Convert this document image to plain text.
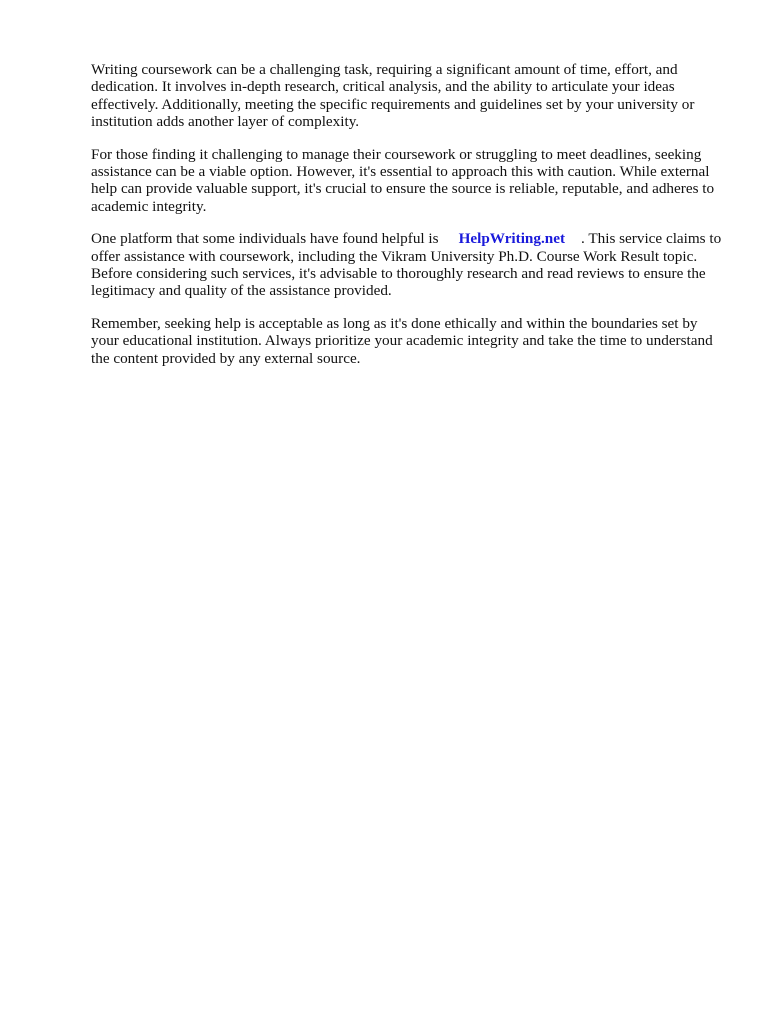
Writing coursework can be a challenging task, requiring a significant amount of time, effort, and dedication. It involves in-depth research, critical analysis, and the ability to articulate your ideas effectively. Additionally, meeting the specific requirements and guidelines set by your university or institution adds another layer of complexity.

For those finding it challenging to manage their coursework or struggling to meet deadlines, seeking assistance can be a viable option. However, it's essential to approach this with caution. While external help can provide valuable support, it's crucial to ensure the source is reliable, reputable, and adheres to academic integrity.

One platform that some individuals have found helpful is HelpWriting.net . This service claims to offer assistance with coursework, including the Vikram University Ph.D. Course Work Result topic. Before considering such services, it's advisable to thoroughly research and read reviews to ensure the legitimacy and quality of the assistance provided.

Remember, seeking help is acceptable as long as it's done ethically and within the boundaries set by your educational institution. Always prioritize your academic integrity and take the time to understand the content provided by any external source.
